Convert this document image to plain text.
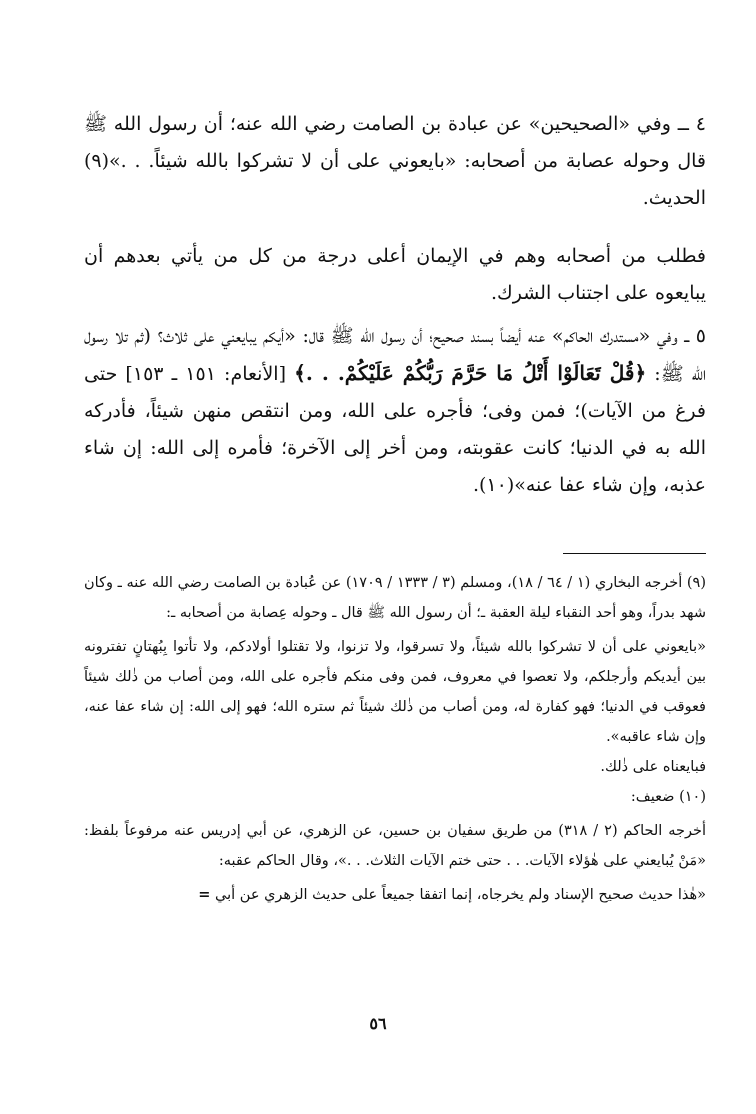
٤ ــ وفي «الصحيحين» عن عبادة بن الصامت رضي الله عنه؛ أن رسول الله ﷺ قال وحوله عصابة من أصحابه: «بايعوني على أن لا تشركوا بالله شيئاً. . .»(٩) الحديث.

فطلب من أصحابه وهم في الإيمان أعلى درجة من كل من يأتي بعدهم أن يبايعوه على اجتناب الشرك.

٥ ــ وفي «مستدرك الحاكم» عنه أيضاً بسند صحيح؛ أن رسول الله ﷺ قال: «أيكم يبايعني على ثلاث؟ (ثم تلا رسول الله ﷺ: ﴿قُلْ تَعَالَوْا أَتْلُ مَا حَرَّمَ رَبُّكُمْ عَلَيْكُمْ. . .﴾ [الأنعام: ١٥١ ـ ١٥٣] حتى فرغ من الآيات)؛ فمن وفى؛ فأجره على الله، ومن انتقص منهن شيئاً، فأدركه الله به في الدنيا؛ كانت عقوبته، ومن أخر إلى الآخرة؛ فأمره إلى الله: إن شاء عذبه، وإن شاء عفا عنه»(١٠).

(٩) أخرجه البخاري (١ / ٦٤ / ١٨)، ومسلم (٣ / ١٣٣٣ / ١٧٠٩) عن عُبادة بن الصامت رضي الله عنه ـ وكان شهد بدراً، وهو أحد النقباء ليلة العقبة ـ؛ أن رسول الله ﷺ قال ـ وحوله عِصابة من أصحابه ـ:

«بايعوني على أن لا تشركوا بالله شيئاً، ولا تسرقوا، ولا تزنوا، ولا تقتلوا أولادكم، ولا تأتوا بِبُهتانٍ تفترونه بين أيديكم وأرجلكم، ولا تعصوا في معروف، فمن وفى منكم فأجره على الله، ومن أصاب من ذٰلك شيئاً فعوقب في الدنيا؛ فهو كفارة له، ومن أصاب من ذٰلك شيئاً ثم ستره الله؛ فهو إلى الله: إن شاء عفا عنه، وإن شاء عاقبه».

فبايعناه على ذٰلك.

(١٠) ضعيف:

أخرجه الحاكم (٢ / ٣١٨) من طريق سفيان بن حسين، عن الزهري، عن أبي إدريس عنه مرفوعاً بلفظ: «مَنْ يُبايعني على هٰؤلاء الآيات. . . حتى ختم الآيات الثلاث. . .»، وقال الحاكم عقبه:

«هٰذا حديث صحيح الإسناد ولم يخرجاه، إنما اتفقا جميعاً على حديث الزهري عن أبي =

٥٦
